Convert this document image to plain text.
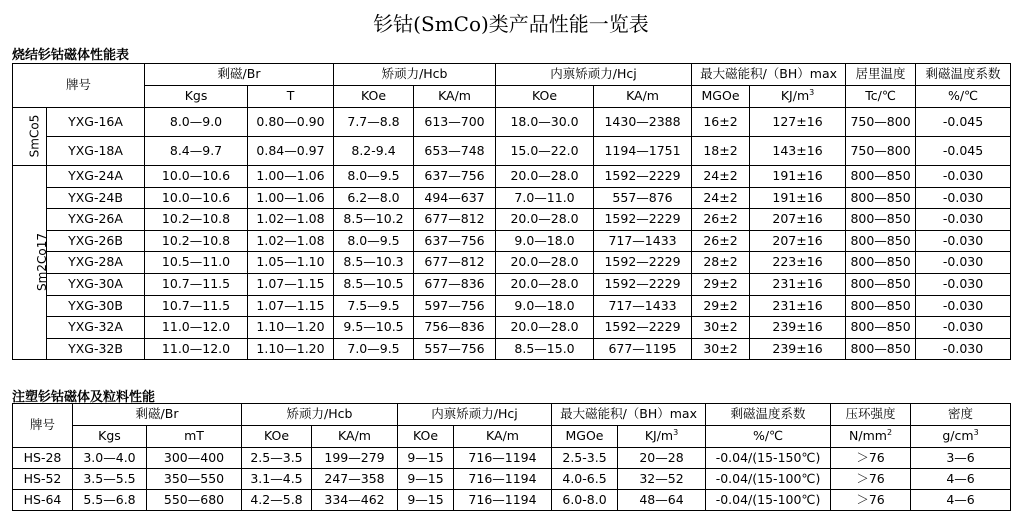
钐钴(SmCo)类产品性能一览表
烧结钐钴磁体性能表
牌号		剩磁/Br		矫顽力/Hcb		内禀矫顽力/Hcj		最大磁能积/（BH）max		居里温度	剩磁温度系数
		Kgs	T	KOe	KA/m	KOe	KA/m	MGOe	$KJ/m^3$	Tc/℃	%/℃
SmCo5	YXG-16A	8.0—9.0	0.80—0.90	7.7—8.8	613—700	18.0—30.0	1430—2388	16±2	127±16	750—800	-0.045
	YXG-18A	8.4—9.7	0.84—0.97	8.2-9.4	653—748	15.0—22.0	1194—1751	18±2	143±16	750—800	-0.045
Sm2Co17	YXG-24A	10.0—10.6	1.00—1.06	8.0—9.5	637—756	20.0—28.0	1592—2229	24±2	191±16	800—850	-0.030
	YXG-24B	10.0—10.6	1.00—1.06	6.2—8.0	494—637	7.0—11.0	557—876	24±2	191±16	800—850	-0.030
	YXG-26A	10.2—10.8	1.02—1.08	8.5—10.2	677—812	20.0—28.0	1592—2229	26±2	207±16	800—850	-0.030
	YXG-26B	10.2—10.8	1.02—1.08	8.0—9.5	637—756	9.0—18.0	717—1433	26±2	207±16	800—850	-0.030
	YXG-28A	10.5—11.0	1.05—1.10	8.5—10.3	677—812	20.0—28.0	1592—2229	28±2	223±16	800—850	-0.030
	YXG-30A	10.7—11.5	1.07—1.15	8.5—10.5	677—836	20.0—28.0	1592—2229	29±2	231±16	800—850	-0.030
	YXG-30B	10.7—11.5	1.07—1.15	7.5—9.5	597—756	9.0—18.0	717—1433	29±2	231±16	800—850	-0.030
	YXG-32A	11.0—12.0	1.10—1.20	9.5—10.5	756—836	20.0—28.0	1592—2229	30±2	239±16	800—850	-0.030
	YXG-32B	11.0—12.0	1.10—1.20	7.0—9.5	557—756	8.5—15.0	677—1195	30±2	239±16	800—850	-0.030
注塑钐钴磁体及粒料性能
牌号	剩磁/Br		矫顽力/Hcb		内禀矫顽力/Hcj		最大磁能积/（BH）max		剩磁温度系数	压环强度	密度
	Kgs	mT	KOe	KA/m	KOe	KA/m	MGOe	$KJ/m^3$	%/℃	$N/mm^2$	$g/cm^3$
HS-28	3.0—4.0	300—400	2.5—3.5	199—279	9—15	716—1194	2.5-3.5	20—28	-0.04/(15-150℃)	＞76	3—6
HS-52	3.5—5.5	350—550	3.1—4.5	247—358	9—15	716—1194	4.0-6.5	32—52	-0.04/(15-100℃)	＞76	4—6
HS-64	5.5—6.8	550—680	4.2—5.8	334—462	9—15	716—1194	6.0-8.0	48—64	-0.04/(15-100℃)	＞76	4—6
